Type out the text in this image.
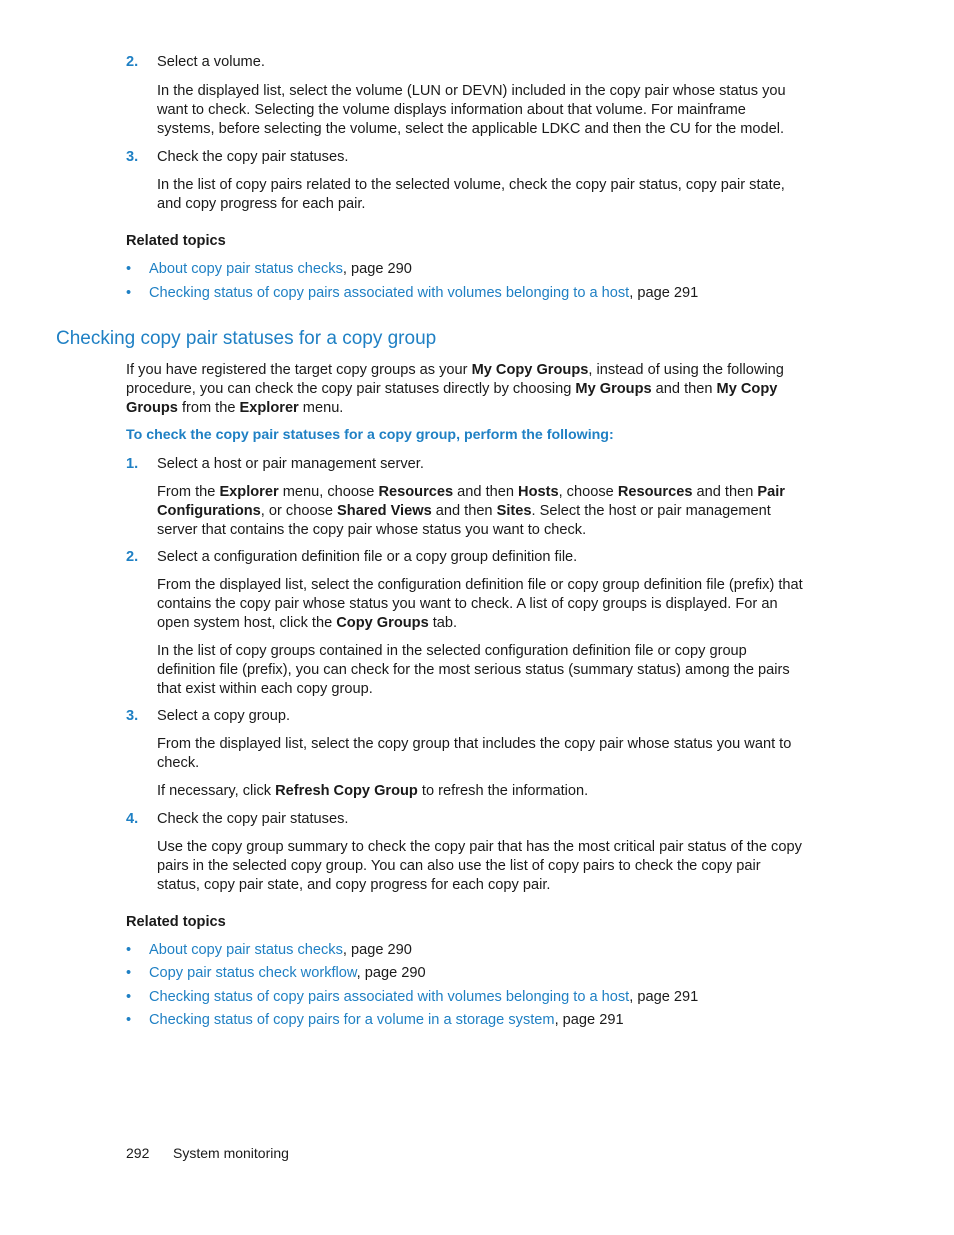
2. Select a volume.
In the displayed list, select the volume (LUN or DEVN) included in the copy pair whose status you want to check. Selecting the volume displays information about that volume. For mainframe systems, before selecting the volume, select the applicable LDKC and then the CU for the model.
3. Check the copy pair statuses.
In the list of copy pairs related to the selected volume, check the copy pair status, copy pair state, and copy progress for each pair.
Related topics
• About copy pair status checks, page 290
• Checking status of copy pairs associated with volumes belonging to a host, page 291
Checking copy pair statuses for a copy group
If you have registered the target copy groups as your My Copy Groups, instead of using the following procedure, you can check the copy pair statuses directly by choosing My Groups and then My Copy Groups from the Explorer menu.
To check the copy pair statuses for a copy group, perform the following:
1. Select a host or pair management server.
From the Explorer menu, choose Resources and then Hosts, choose Resources and then Pair Configurations, or choose Shared Views and then Sites. Select the host or pair management server that contains the copy pair whose status you want to check.
2. Select a configuration definition file or a copy group definition file.
From the displayed list, select the configuration definition file or copy group definition file (prefix) that contains the copy pair whose status you want to check. A list of copy groups is displayed. For an open system host, click the Copy Groups tab.
In the list of copy groups contained in the selected configuration definition file or copy group definition file (prefix), you can check for the most serious status (summary status) among the pairs that exist within each copy group.
3. Select a copy group.
From the displayed list, select the copy group that includes the copy pair whose status you want to check.
If necessary, click Refresh Copy Group to refresh the information.
4. Check the copy pair statuses.
Use the copy group summary to check the copy pair that has the most critical pair status of the copy pairs in the selected copy group. You can also use the list of copy pairs to check the copy pair status, copy pair state, and copy progress for each copy pair.
Related topics
• About copy pair status checks, page 290
• Copy pair status check workflow, page 290
• Checking status of copy pairs associated with volumes belonging to a host, page 291
• Checking status of copy pairs for a volume in a storage system, page 291
292 System monitoring
